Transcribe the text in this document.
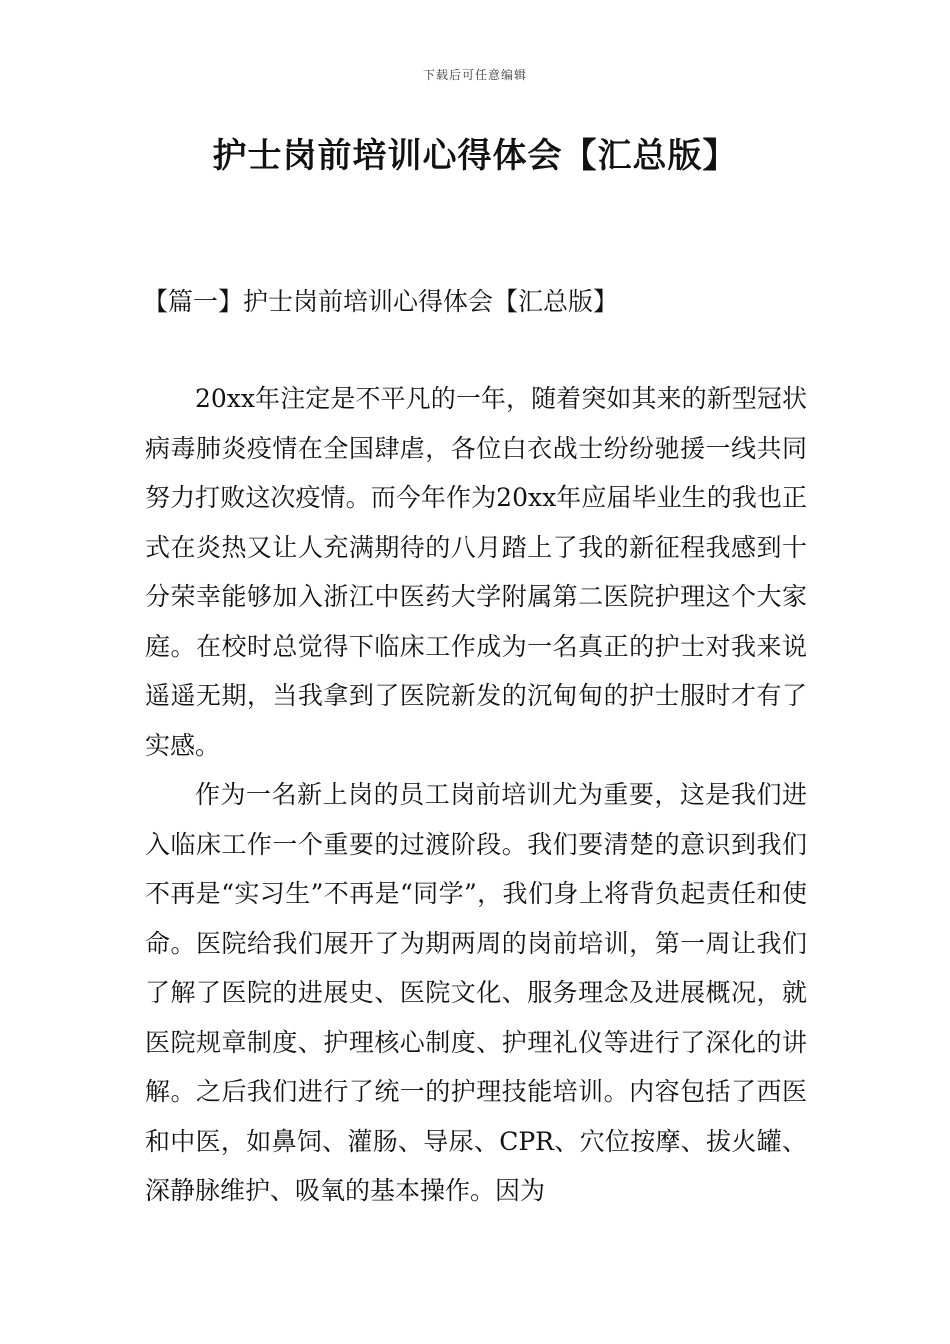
下载后可任意编辑
护士岗前培训心得体会【汇总版】
【篇一】护士岗前培训心得体会【汇总版】

20xx年注定是不平凡的一年，随着突如其来的新型冠状病毒肺炎疫情在全国肆虐，各位白衣战士纷纷驰援一线共同努力打败这次疫情。而今年作为20xx年应届毕业生的我也正式在炎热又让人充满期待的八月踏上了我的新征程我感到十分荣幸能够加入浙江中医药大学附属第二医院护理这个大家庭。在校时总觉得下临床工作成为一名真正的护士对我来说遥遥无期，当我拿到了医院新发的沉甸甸的护士服时才有了实感。

作为一名新上岗的员工岗前培训尤为重要，这是我们进入临床工作一个重要的过渡阶段。我们要清楚的意识到我们不再是“实习生”不再是“同学”，我们身上将背负起责任和使命。医院给我们展开了为期两周的岗前培训，第一周让我们了解了医院的进展史、医院文化、服务理念及进展概况，就医院规章制度、护理核心制度、护理礼仪等进行了深化的讲解。之后我们进行了统一的护理技能培训。内容包括了西医和中医，如鼻饲、灌肠、导尿、CPR、穴位按摩、拔火罐、深静脉维护、吸氧的基本操作。因为
